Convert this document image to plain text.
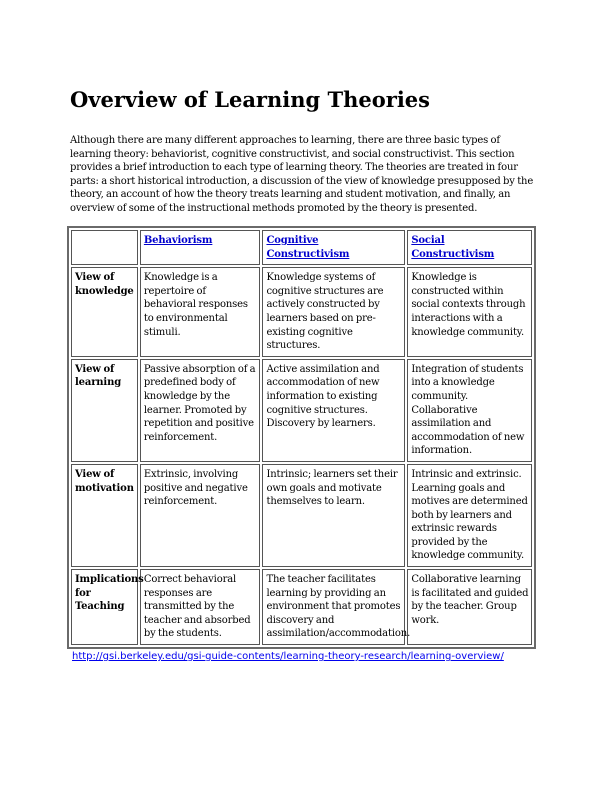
Overview of Learning Theories

Although there are many different approaches to learning, there are three basic types of learning theory: behaviorist, cognitive constructivist, and social constructivist. This section provides a brief introduction to each type of learning theory. The theories are treated in four parts: a short historical introduction, a discussion of the view of knowledge presupposed by the theory, an account of how the theory treats learning and student motivation, and finally, an overview of some of the instructional methods promoted by the theory is presented.

	Behaviorism	Cognitive Constructivism	Social Constructivism
View of knowledge	Knowledge is a repertoire of behavioral responses to environmental stimuli.	Knowledge systems of cognitive structures are actively constructed by learners based on pre-existing cognitive structures.	Knowledge is constructed within social contexts through interactions with a knowledge community.
View of learning	Passive absorption of a predefined body of knowledge by the learner. Promoted by repetition and positive reinforcement.	Active assimilation and accommodation of new information to existing cognitive structures. Discovery by learners.	Integration of students into a knowledge community. Collaborative assimilation and accommodation of new information.
View of motivation	Extrinsic, involving positive and negative reinforcement.	Intrinsic; learners set their own goals and motivate themselves to learn.	Intrinsic and extrinsic. Learning goals and motives are determined both by learners and extrinsic rewards provided by the knowledge community.
Implications for Teaching	Correct behavioral responses are transmitted by the teacher and absorbed by the students.	The teacher facilitates learning by providing an environment that promotes discovery and assimilation/accommodation.	Collaborative learning is facilitated and guided by the teacher. Group work.
http://gsi.berkeley.edu/gsi-guide-contents/learning-theory-research/learning-overview/
